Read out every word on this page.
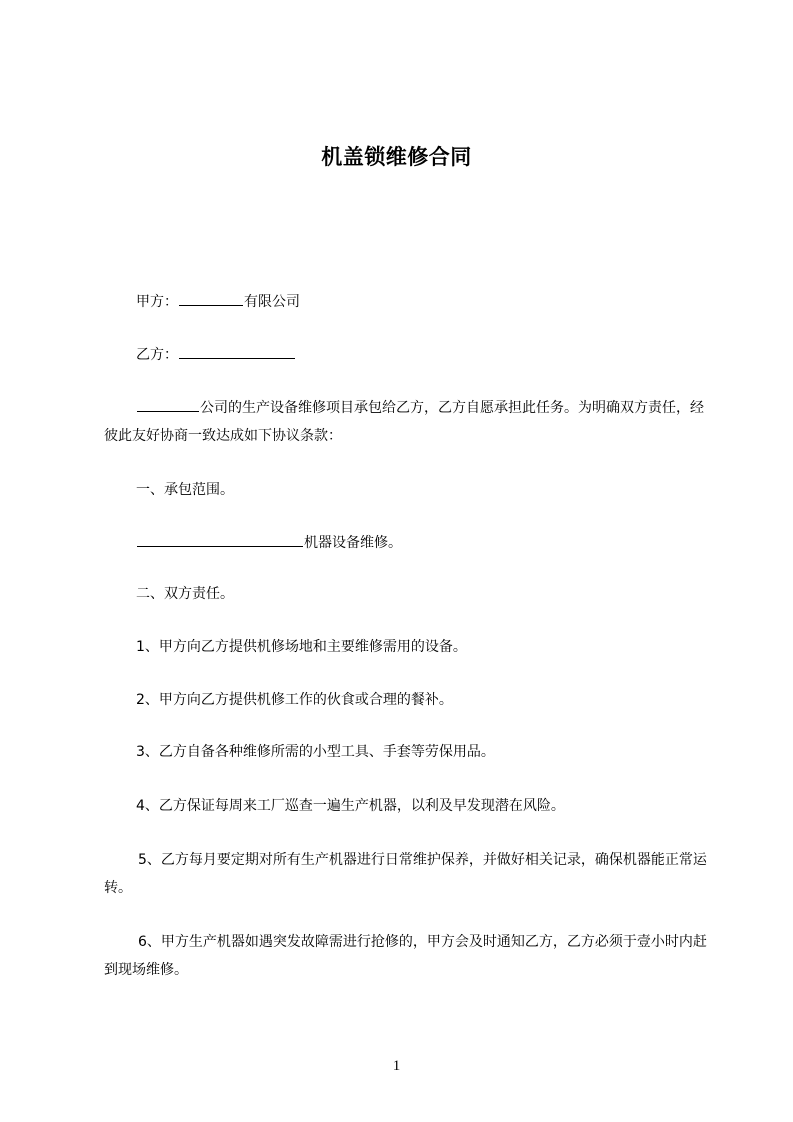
机盖锁维修合同
甲方：	有限公司
乙方：
公司的生产设备维修项目承包给乙方，乙方自愿承担此任务。为明确双方责任，经彼此友好协商一致达成如下协议条款：
一、承包范围。
机器设备维修。
二、双方责任。
1、甲方向乙方提供机修场地和主要维修需用的设备。
2、甲方向乙方提供机修工作的伙食或合理的餐补。
3、乙方自备各种维修所需的小型工具、手套等劳保用品。
4、乙方保证每周来工厂巡查一遍生产机器，以利及早发现潜在风险。
5、乙方每月要定期对所有生产机器进行日常维护保养，并做好相关记录，确保机器能正常运转。
6、甲方生产机器如遇突发故障需进行抢修的，甲方会及时通知乙方，乙方必须于壹小时内赶到现场维修。
1
